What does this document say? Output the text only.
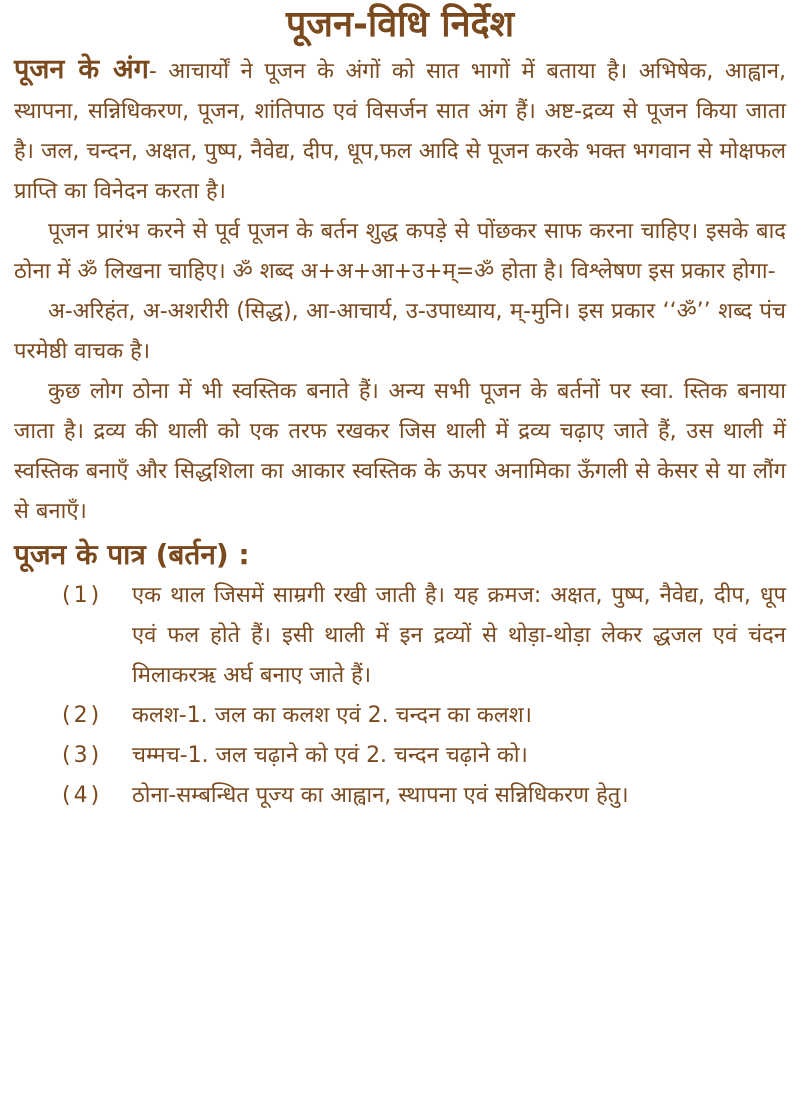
पूजन-विधि निर्देश

पूजन के अंग- आचार्यों ने पूजन के अंगों को सात भागों में बताया है। अभिषेक, आह्वान, स्थापना, सन्निधिकरण, पूजन, शांतिपाठ एवं विसर्जन सात अंग हैं। अष्ट-द्रव्य से पूजन किया जाता है। जल, चन्दन, अक्षत, पुष्प, नैवेद्य, दीप, धूप,फल आदि से पूजन करके भक्त भगवान से मोक्षफल प्राप्ति का विनेदन करता है।

पूजन प्रारंभ करने से पूर्व पूजन के बर्तन शुद्ध कपड़े से पोंछकर साफ करना चाहिए। इसके बाद ठोना में ॐ लिखना चाहिए। ॐ शब्द अ+अ+आ+उ+म्=ॐ होता है। विश्लेषण इस प्रकार होगा-

अ-अरिहंत, अ-अशरीरी (सिद्ध), आ-आचार्य, उ-उपाध्याय, म्-मुनि। इस प्रकार ‘‘ॐ’’ शब्द पंच परमेष्ठी वाचक है।

कुछ लोग ठोना में भी स्वस्तिक बनाते हैं। अन्य सभी पूजन के बर्तनों पर स्वा. स्तिक बनाया जाता है। द्रव्य की थाली को एक तरफ रखकर जिस थाली में द्रव्य चढ़ाए जाते हैं, उस थाली में स्वस्तिक बनाएँ और सिद्धशिला का आकार स्वस्तिक के ऊपर अनामिका ऊँगली से केसर से या लौंग से बनाएँ।

पूजन के पात्र (बर्तन) :
(1)	एक थाल जिसमें साम्रगी रखी जाती है। यह क्रमज: अक्षत, पुष्प, नैवेद्य, दीप, धूप एवं फल होते हैं। इसी थाली में इन द्रव्यों से थोड़ा-थोड़ा लेकर द्धजल एवं चंदन मिलाकरऋ अर्घ बनाए जाते हैं।
(2)	कलश-1. जल का कलश एवं 2. चन्दन का कलश।
(3)	चम्मच-1. जल चढ़ाने को एवं 2. चन्दन चढ़ाने को।
(4)	ठोना-सम्बन्धित पूज्य का आह्वान, स्थापना एवं सन्निधिकरण हेतु।
